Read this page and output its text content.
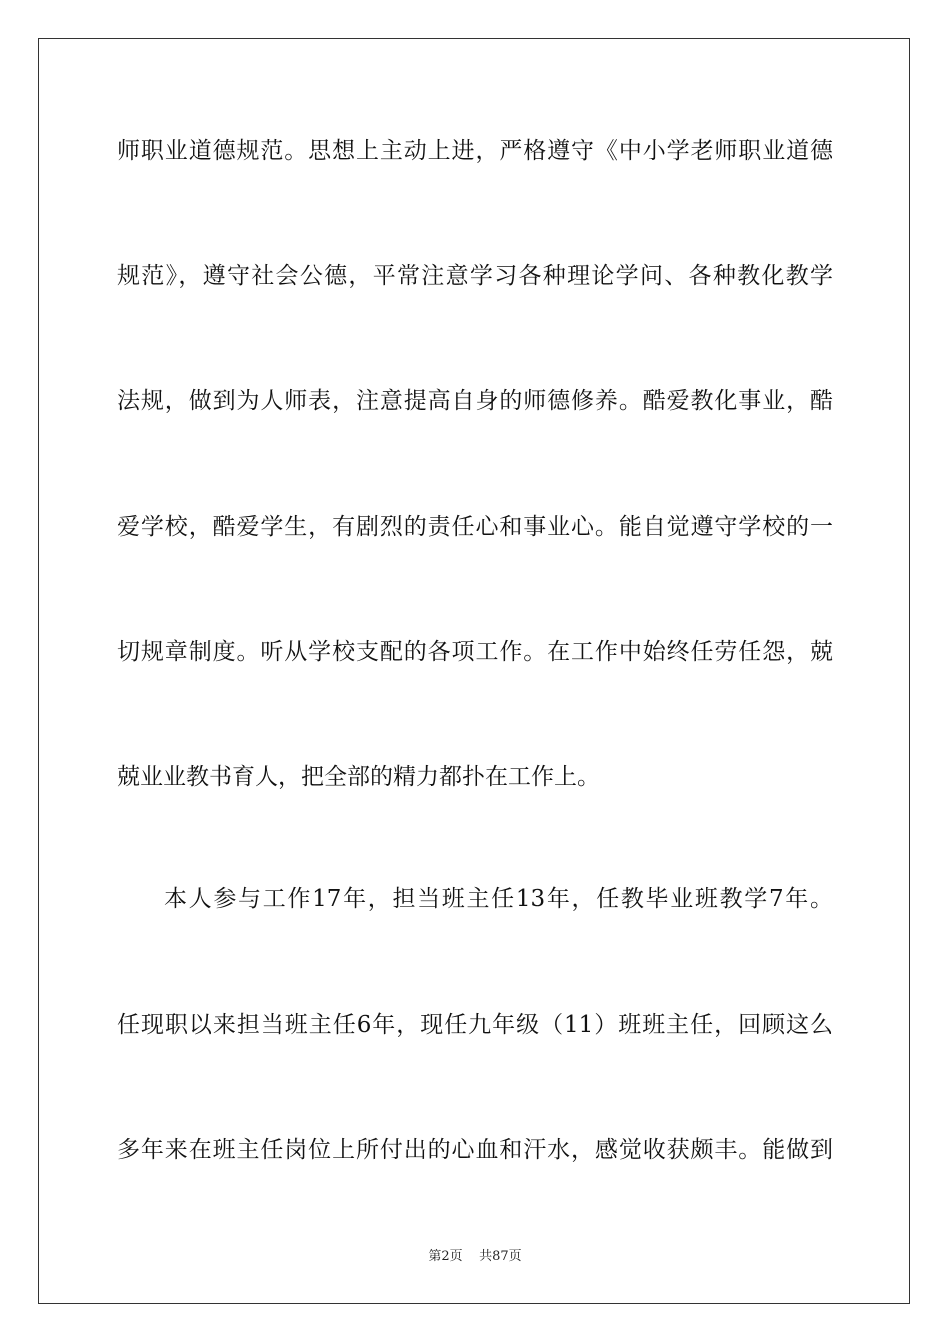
师职业道德规范。思想上主动上进，严格遵守《中小学老师职业道德
规范》，遵守社会公德，平常注意学习各种理论学问、各种教化教学
法规，做到为人师表，注意提高自身的师德修养。酷爱教化事业，酷
爱学校，酷爱学生，有剧烈的责任心和事业心。能自觉遵守学校的一
切规章制度。听从学校支配的各项工作。在工作中始终任劳任怨，兢
兢业业教书育人，把全部的精力都扑在工作上。
本人参与工作17年，担当班主任13年，任教毕业班教学7年。
任现职以来担当班主任6年，现任九年级（11）班班主任，回顾这么
多年来在班主任岗位上所付出的心血和汗水，感觉收获颇丰。能做到
第2页 共87页
